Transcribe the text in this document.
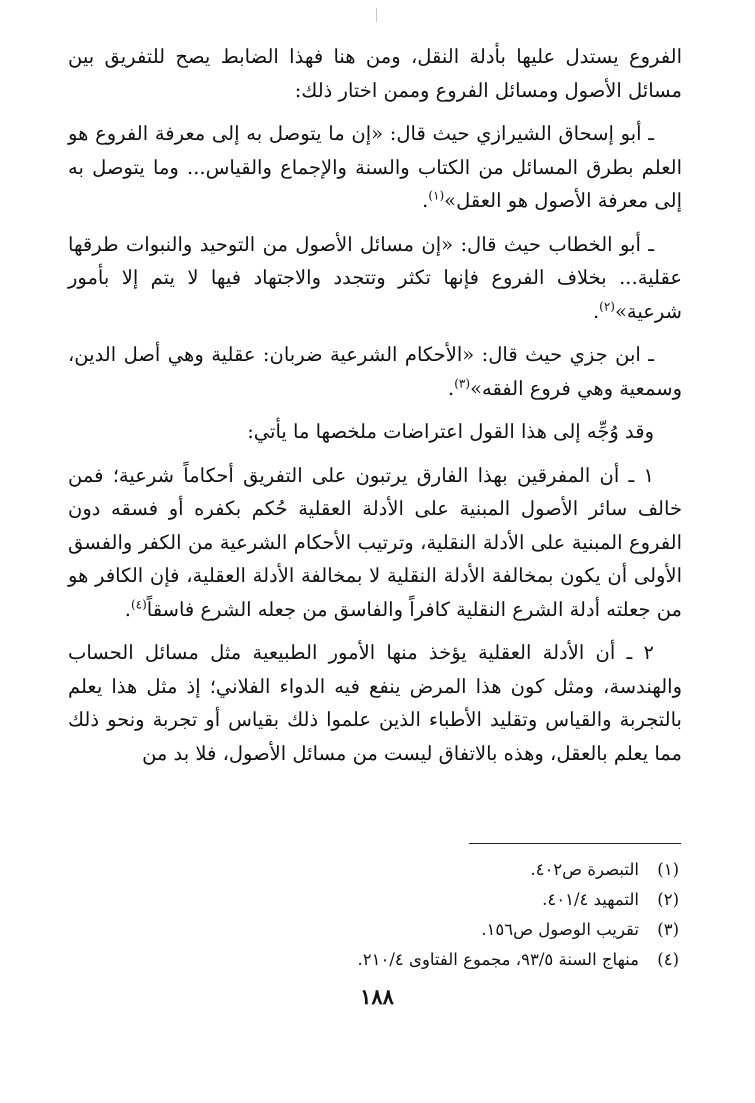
الفروع يستدل عليها بأدلة النقل، ومن هنا فهذا الضابط يصح للتفريق بين مسائل الأصول ومسائل الفروع وممن اختار ذلك:

ـ أبو إسحاق الشيرازي حيث قال: «إن ما يتوصل به إلى معرفة الفروع هو العلم بطرق المسائل من الكتاب والسنة والإجماع والقياس... وما يتوصل به إلى معرفة الأصول هو العقل»$^{(١)}$.

ـ أبو الخطاب حيث قال: «إن مسائل الأصول من التوحيد والنبوات طرقها عقلية... بخلاف الفروع فإنها تكثر وتتجدد والاجتهاد فيها لا يتم إلا بأمور شرعية»$^{(٢)}$.

ـ ابن جزي حيث قال: «الأحكام الشرعية ضربان: عقلية وهي أصل الدين، وسمعية وهي فروع الفقه»$^{(٣)}$.

وقد وُجِّه إلى هذا القول اعتراضات ملخصها ما يأتي:

١ ـ أن المفرقين بهذا الفارق يرتبون على التفريق أحكاماً شرعية؛ فمن خالف سائر الأصول المبنية على الأدلة العقلية حُكم بكفره أو فسقه دون الفروع المبنية على الأدلة النقلية، وترتيب الأحكام الشرعية من الكفر والفسق الأولى أن يكون بمخالفة الأدلة النقلية لا بمخالفة الأدلة العقلية، فإن الكافر هو من جعلته أدلة الشرع النقلية كافراً والفاسق من جعله الشرع فاسقاً$^{(٤)}$.

٢ ـ أن الأدلة العقلية يؤخذ منها الأمور الطبيعية مثل مسائل الحساب والهندسة، ومثل كون هذا المرض ينفع فيه الدواء الفلاني؛ إذ مثل هذا يعلم بالتجربة والقياس وتقليد الأطباء الذين علموا ذلك بقياس أو تجربة ونحو ذلك مما يعلم بالعقل، وهذه بالاتفاق ليست من مسائل الأصول، فلا بد من

(١)التبصرة ص٤٠٢.
(٢)التمهيد ٤٠١/٤.
(٣)تقريب الوصول ص١٥٦.
(٤)منهاج السنة ٩٣/٥، مجموع الفتاوى ٢١٠/٤.
١٨٨
